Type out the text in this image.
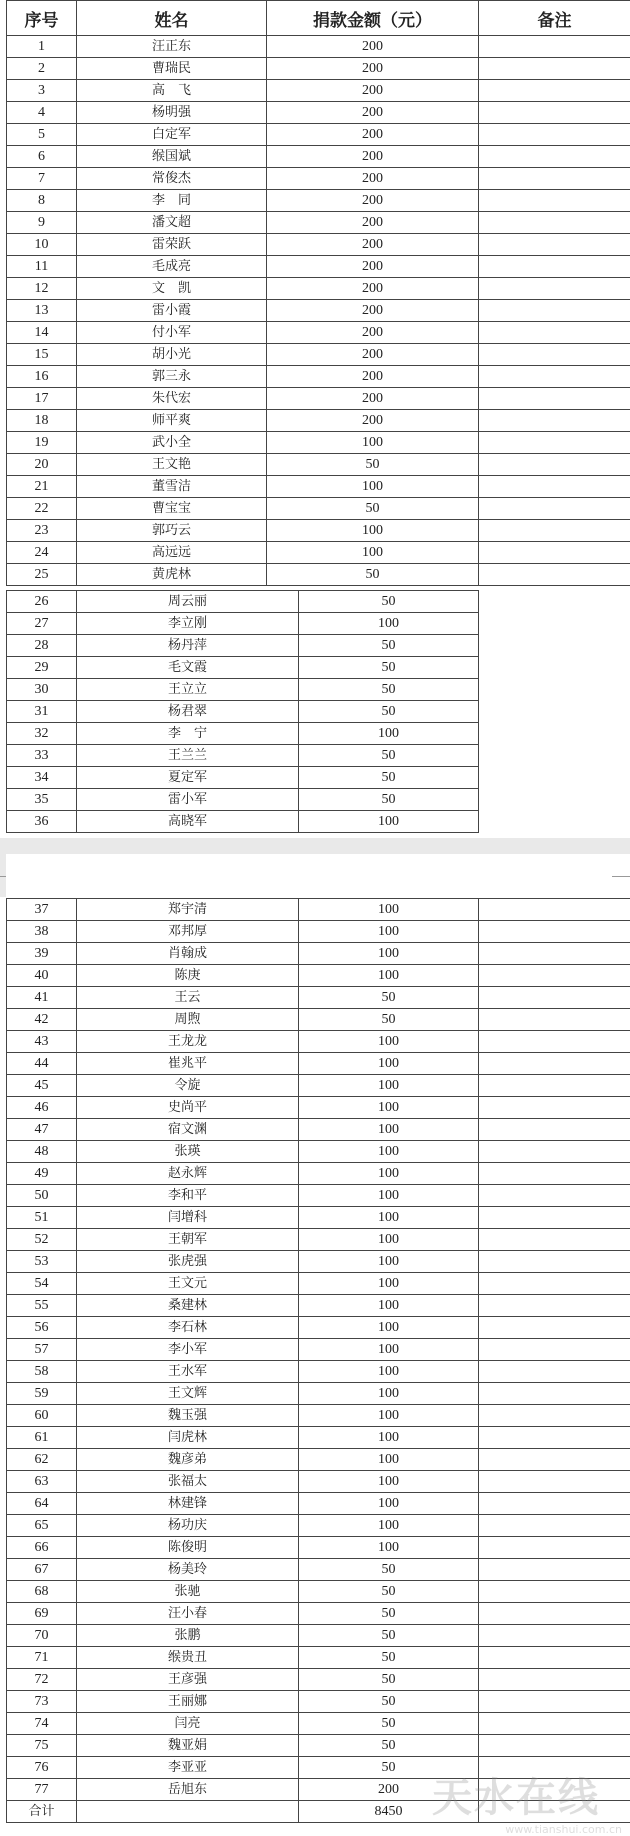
序号	姓名	捐款金额（元）	备注
1	汪正东	200	
2	曹瑞民	200	
3	高　飞	200	
4	杨明强	200	
5	白定军	200	
6	缑国斌	200	
7	常俊杰	200	
8	李　同	200	
9	潘文超	200	
10	雷荣跃	200	
11	毛成亮	200	
12	文　凯	200	
13	雷小霞	200	
14	付小军	200	
15	胡小光	200	
16	郭三永	200	
17	朱代宏	200	
18	师平爽	200	
19	武小全	100	
20	王文艳	50	
21	董雪洁	100	
22	曹宝宝	50	
23	郭巧云	100	
24	高远远	100	
25	黄虎林	50	
26	周云丽	50	
27	李立刚	100	
28	杨丹萍	50	
29	毛文霞	50	
30	王立立	50	
31	杨君翠	50	
32	李　宁	100	
33	王兰兰	50	
34	夏定军	50	
35	雷小军	50	
36	高晓军	100	
37	郑宇清	100	
38	邓邦厚	100	
39	肖翰成	100	
40	陈庚	100	
41	王云	50	
42	周煦	50	
43	王龙龙	100	
44	崔兆平	100	
45	令旋	100	
46	史尚平	100	
47	宿文渊	100	
48	张瑛	100	
49	赵永辉	100	
50	李和平	100	
51	闫增科	100	
52	王朝军	100	
53	张虎强	100	
54	王文元	100	
55	桑建林	100	
56	李石林	100	
57	李小军	100	
58	王水军	100	
59	王文辉	100	
60	魏玉强	100	
61	闫虎林	100	
62	魏彦弟	100	
63	张福太	100	
64	林建锋	100	
65	杨功庆	100	
66	陈俊明	100	
67	杨美玲	50	
68	张驰	50	
69	汪小春	50	
70	张鹏	50	
71	缑贵丑	50	
72	王彦强	50	
73	王丽娜	50	
74	闫亮	50	
75	魏亚娟	50	
76	李亚亚	50	
77	岳旭东	200	
合计		8450	天水在线
www.tianshui.com.cn
